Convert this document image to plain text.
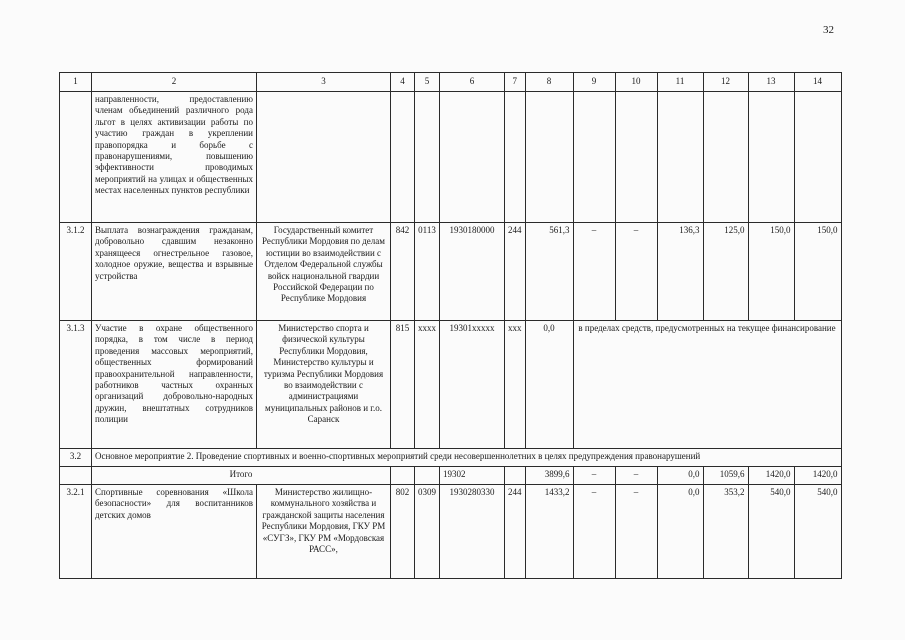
32
1	2	3	4	5	6	7	8	9	10	11	12	13	14
	направленности, предоставлению членам объединений различного рода льгот в целях активизации работы по участию граждан в укреплении правопорядка и борьбе с правонарушениями, повышению эффективности проводимых мероприятий на улицах и общественных местах населенных пунктов республики												
3.1.2	Выплата вознаграждения гражданам, добровольно сдавшим незаконно хранящееся огнестрельное газовое, холодное оружие, вещества и взрывные устройства	Государственный комитет Республики Мордовия по делам юстиции во взаимодействии с Отделом Федеральной службы войск национальной гвардии Российской Федерации по Республике Мордовия	842	0113	1930180000	244	561,3	–	–	136,3	125,0	150,0	150,0
3.1.3	Участие в охране общественного порядка, в том числе в период проведения массовых мероприятий, общественных формирований правоохранительной направленности, работников частных охранных организаций добровольно-народных дружин, внештатных сотрудников полиции	Министерство спорта и физической культуры Республики Мордовия, Министерство культуры и туризма Республики Мордовия во взаимодействии с администрациями муниципальных районов и г.о. Саранск	815	хххх	19301ххххх	ххх	0,0	в пределах средств, предусмотренных на текущее финансирование					
3.2	Основное мероприятие 2. Проведение спортивных и военно-спортивных мероприятий среди несовершеннолетних в целях предупреждения правонарушений												
	Итого				19302		3899,6	–	–	0,0	1059,6	1420,0	1420,0
3.2.1	Спортивные соревнования «Школа безопасности» для воспитанников детских домов	Министерство жилищно-коммунального хозяйства и гражданской защиты населения Республики Мордовия, ГКУ РМ «СУГЗ», ГКУ РМ «Мордовская РАСС»,	802	0309	1930280330	244	1433,2	–	–	0,0	353,2	540,0	540,0
